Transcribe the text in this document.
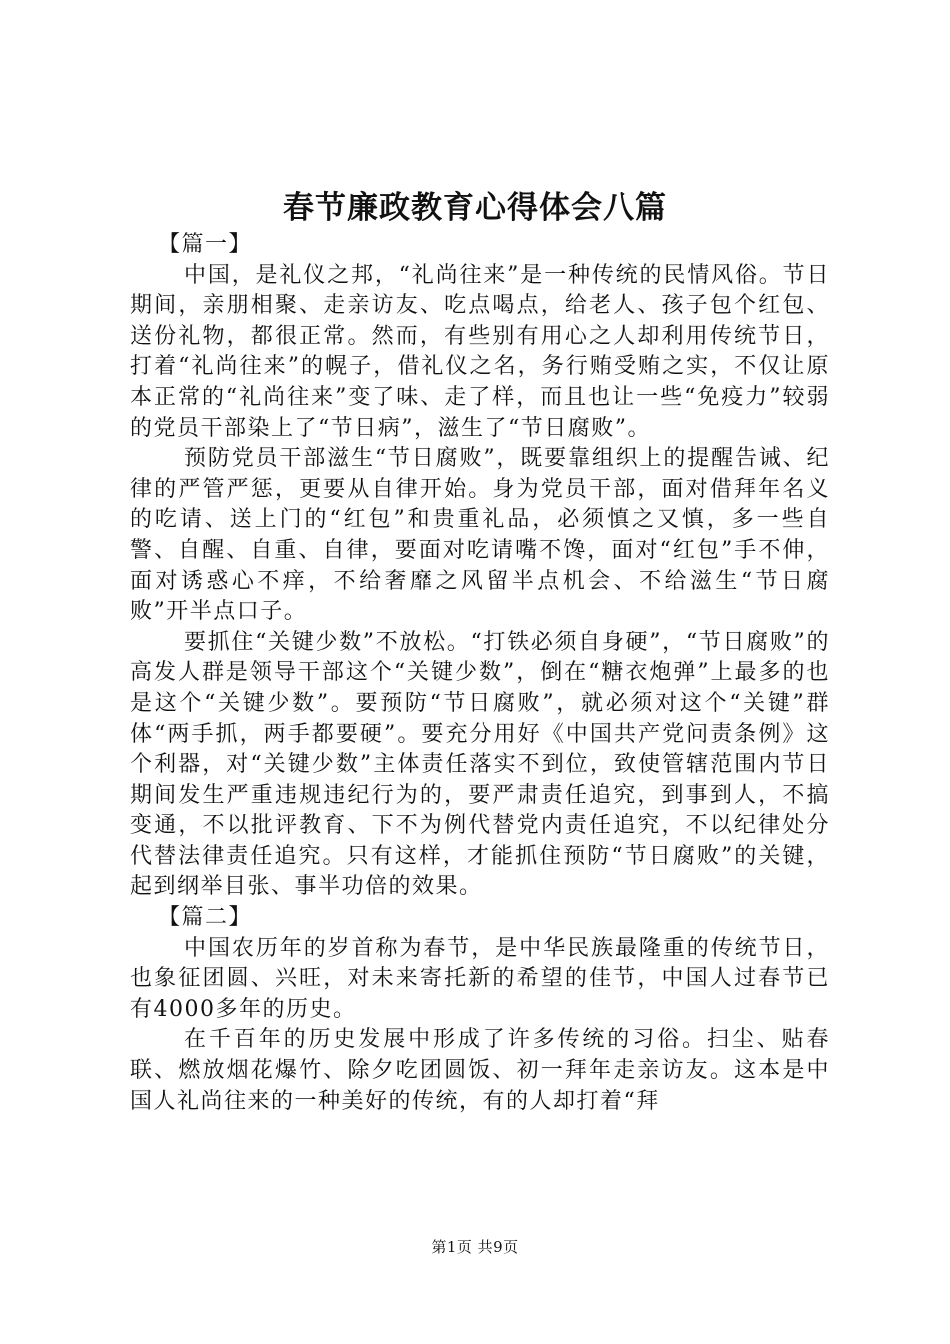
春节廉政教育心得体会八篇

【篇一】

中国，是礼仪之邦，“礼尚往来”是一种传统的民情风俗。节日期间，亲朋相聚、走亲访友、吃点喝点，给老人、孩子包个红包、送份礼物，都很正常。然而，有些别有用心之人却利用传统节日，打着“礼尚往来”的幌子，借礼仪之名，务行贿受贿之实，不仅让原本正常的“礼尚往来”变了味、走了样，而且也让一些“免疫力”较弱的党员干部染上了“节日病”，滋生了“节日腐败”。

预防党员干部滋生“节日腐败”，既要靠组织上的提醒告诫、纪律的严管严惩，更要从自律开始。身为党员干部，面对借拜年名义的吃请、送上门的“红包”和贵重礼品，必须慎之又慎，多一些自警、自醒、自重、自律，要面对吃请嘴不馋，面对“红包”手不伸，面对诱惑心不痒，不给奢靡之风留半点机会、不给滋生“节日腐败”开半点口子。

要抓住“关键少数”不放松。“打铁必须自身硬”，“节日腐败”的高发人群是领导干部这个“关键少数”，倒在“糖衣炮弹”上最多的也是这个“关键少数”。要预防“节日腐败”，就必须对这个“关键”群体“两手抓，两手都要硬”。要充分用好《中国共产党问责条例》这个利器，对“关键少数”主体责任落实不到位，致使管辖范围内节日期间发生严重违规违纪行为的，要严肃责任追究，到事到人，不搞变通，不以批评教育、下不为例代替党内责任追究，不以纪律处分代替法律责任追究。只有这样，才能抓住预防“节日腐败”的关键，起到纲举目张、事半功倍的效果。

【篇二】

中国农历年的岁首称为春节，是中华民族最隆重的传统节日，也象征团圆、兴旺，对未来寄托新的希望的佳节，中国人过春节已有4000多年的历史。

在千百年的历史发展中形成了许多传统的习俗。扫尘、贴春联、燃放烟花爆竹、除夕吃团圆饭、初一拜年走亲访友。这本是中国人礼尚往来的一种美好的传统，有的人却打着“拜

第1页 共9页
